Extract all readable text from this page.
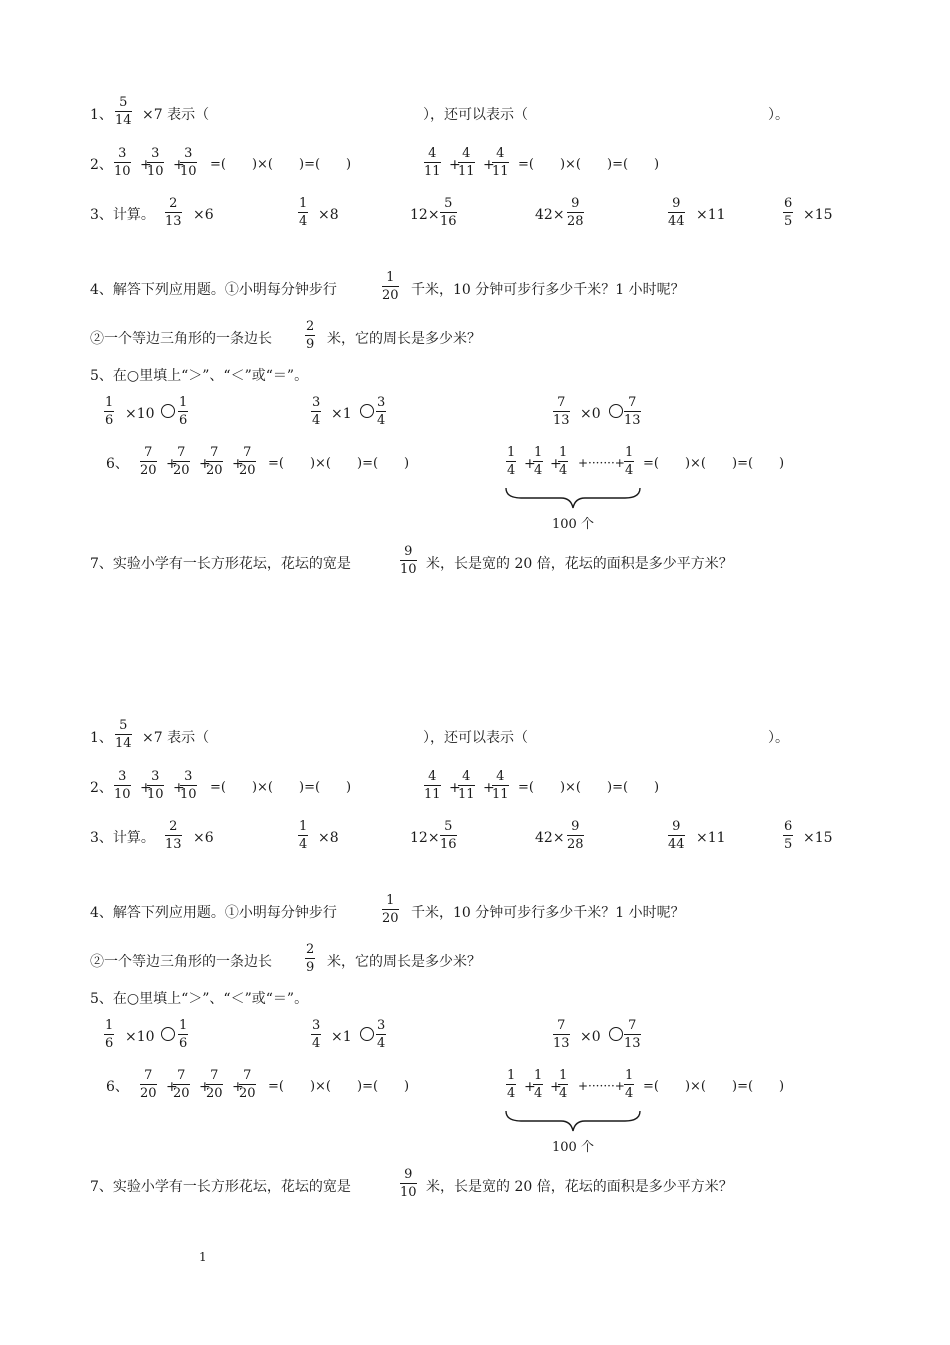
1、
5
14 ×7 表示（	），还可以表示（	）。
2、
3
10 +
3
10 +
3
10 =(　　)×(　　)=(　　)
4
11 +
4
11 +
4
11 =(　　)×(　　)=(　　)
3、计算。
2
13 ×6
1
4 ×8	12×
5
16	42×
9
28
9
44 ×11
6
5 ×15
4、解答下列应用题。①小明每分钟步行
1
20 千米，10 分钟可步行多少千米？1 小时呢？
②一个等边三角形的一条边长
2
9 米，它的周长是多少米？
5、在○里填上“＞”、“＜”或“＝”。
1
6 ×10
1
6
3
4 ×1
3
4
7
13 ×0
7
13
6、
7
20 +
7
20 +
7
20 +
7
20 =(　　)×(　　)=(　　)
1
4 +
1
4 +
1
4 +·······+
1
4 =(　　)×(　　)=(　　)
100 个
7、实验小学有一长方形花坛，花坛的宽是
9
10 米，长是宽的 20 倍，花坛的面积是多少平方米？
1、
5
14 ×7 表示（	），还可以表示（	）。
2、
3
10 +
3
10 +
3
10 =(　　)×(　　)=(　　)
4
11 +
4
11 +
4
11 =(　　)×(　　)=(　　)
3、计算。
2
13 ×6
1
4 ×8	12×
5
16	42×
9
28
9
44 ×11
6
5 ×15
4、解答下列应用题。①小明每分钟步行
1
20 千米，10 分钟可步行多少千米？1 小时呢？
②一个等边三角形的一条边长
2
9 米，它的周长是多少米？
5、在○里填上“＞”、“＜”或“＝”。
1
6 ×10
1
6
3
4 ×1
3
4
7
13 ×0
7
13
6、
7
20 +
7
20 +
7
20 +
7
20 =(　　)×(　　)=(　　)
1
4 +
1
4 +
1
4 +·······+
1
4 =(　　)×(　　)=(　　)
100 个
7、实验小学有一长方形花坛，花坛的宽是
9
10 米，长是宽的 20 倍，花坛的面积是多少平方米？
1
